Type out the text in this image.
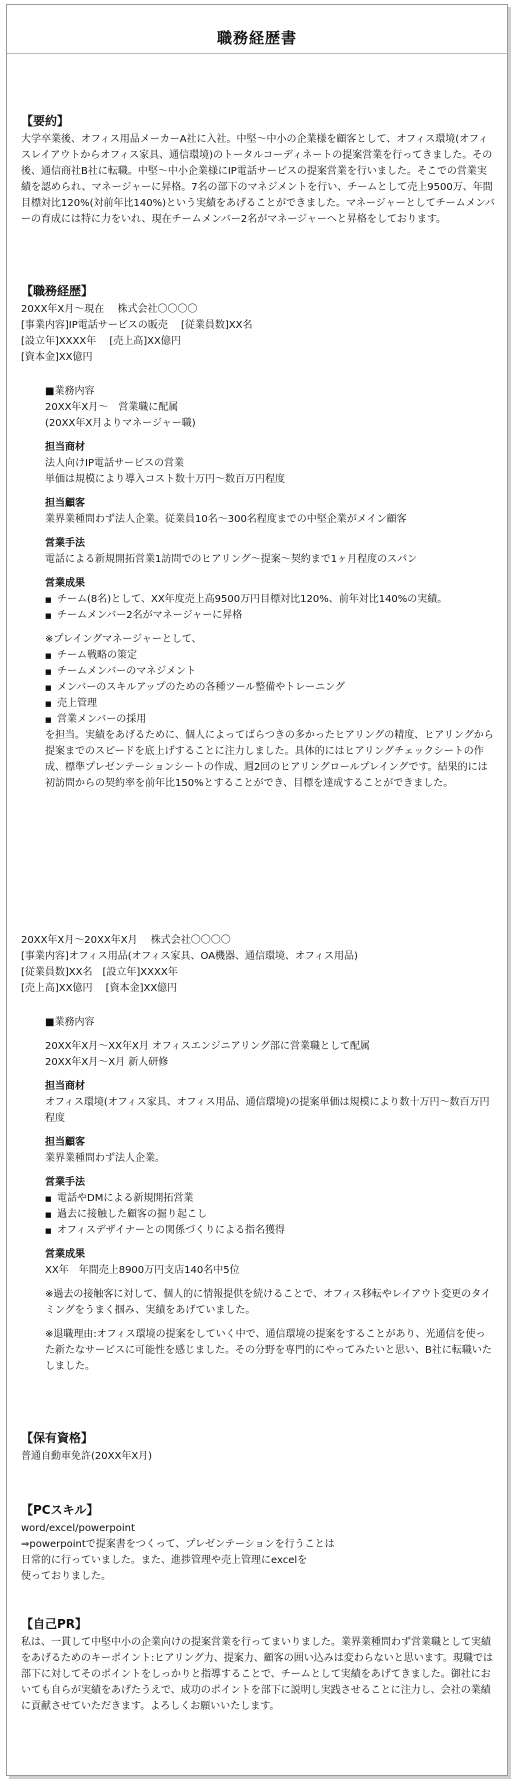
職務経歴書
【要約】

大学卒業後、オフィス用品メーカーA社に入社。中堅～中小の企業様を顧客として、オフィス環境(オフィスレイアウトからオフィス家具、通信環境)のトータルコーディネートの提案営業を行ってきました。その後、通信商社B社に転職。中堅～中小企業様にIP電話サービスの提案営業を行いました。そこでの営業実績を認められ、マネージャーに昇格。7名の部下のマネジメントを行い、チームとして売上9500万、年間目標対比120%(対前年比140%)という実績をあげることができました。マネージャーとしてチームメンバーの育成には特に力をいれ、現在チームメンバー2名がマネージャーへと昇格をしております。

【職務経歴】
20XX年X月～現在　 株式会社〇〇〇〇
[事業内容]IP電話サービスの販売　 [従業員数]XX名
[設立年]XXXX年　 [売上高]XX億円
[資本金]XX億円
■業務内容
20XX年X月～　営業職に配属
(20XX年X月よりマネージャー職)
担当商材
法人向けIP電話サービスの営業
単価は規模により導入コスト数十万円～数百万円程度
担当顧客
業界業種問わず法人企業。従業員10名～300名程度までの中堅企業がメイン顧客
営業手法
電話による新規開拓営業1訪問でのヒアリング～提案～契約まで1ヶ月程度のスパン
営業成果
■ チーム(8名)として、XX年度売上高9500万円目標対比120%、前年対比140%の実績。
■ チームメンバー2名がマネージャーに昇格
※プレイングマネージャーとして、
■ チーム戦略の策定
■ チームメンバーのマネジメント
■ メンバーのスキルアップのための各種ツール整備やトレーニング
■ 売上管理
■ 営業メンバーの採用

を担当。実績をあげるために、個人によってばらつきの多かったヒアリングの精度、ヒアリングから提案までのスピードを底上げすることに注力しました。具体的にはヒアリングチェックシートの作成、標準プレゼンテーションシートの作成、週2回のヒアリングロールプレイングです。結果的には初訪問からの契約率を前年比150%とすることができ、目標を達成することができました。

20XX年X月～20XX年X月　 株式会社〇〇〇〇
[事業内容]オフィス用品(オフィス家具、OA機器、通信環境、オフィス用品)
[従業員数]XX名　[設立年]XXXX年
[売上高]XX億円　 [資本金]XX億円
■業務内容
20XX年X月～XX年X月 オフィスエンジニアリング部に営業職として配属
20XX年X月～X月 新人研修
担当商材

オフィス環境(オフィス家具、オフィス用品、通信環境)の提案単価は規模により数十万円～数百万円程度

担当顧客
業界業種問わず法人企業。
営業手法
■ 電話やDMによる新規開拓営業
■ 過去に接触した顧客の掘り起こし
■ オフィスデザイナーとの関係づくりによる指名獲得
営業成果
XX年　年間売上8900万円支店140名中5位

※過去の接触客に対して、個人的に情報提供を続けることで、オフィス移転やレイアウト変更のタイミングをうまく掴み、実績をあげていました。

※退職理由:オフィス環境の提案をしていく中で、通信環境の提案をすることがあり、光通信を使った新たなサービスに可能性を感じました。その分野を専門的にやってみたいと思い、B社に転職いたしました。

【保有資格】
普通自動車免許(20XX年X月)
【PCスキル】
word/excel/powerpoint
⇒powerpointで提案書をつくって、プレゼンテーションを行うことは
日常的に行っていました。また、進捗管理や売上管理にexcelを
使っておりました。
【自己PR】

私は、一貫して中堅中小の企業向けの提案営業を行ってまいりました。業界業種問わず営業職として実績をあげるためのキーポイント:ヒアリング力、提案力、顧客の囲い込みは変わらないと思います。現職では部下に対してそのポイントをしっかりと指導することで、チームとして実績をあげてきました。御社においても自らが実績をあげたうえで、成功のポイントを部下に説明し実践させることに注力し、会社の業績に貢献させていただきます。よろしくお願いいたします。
